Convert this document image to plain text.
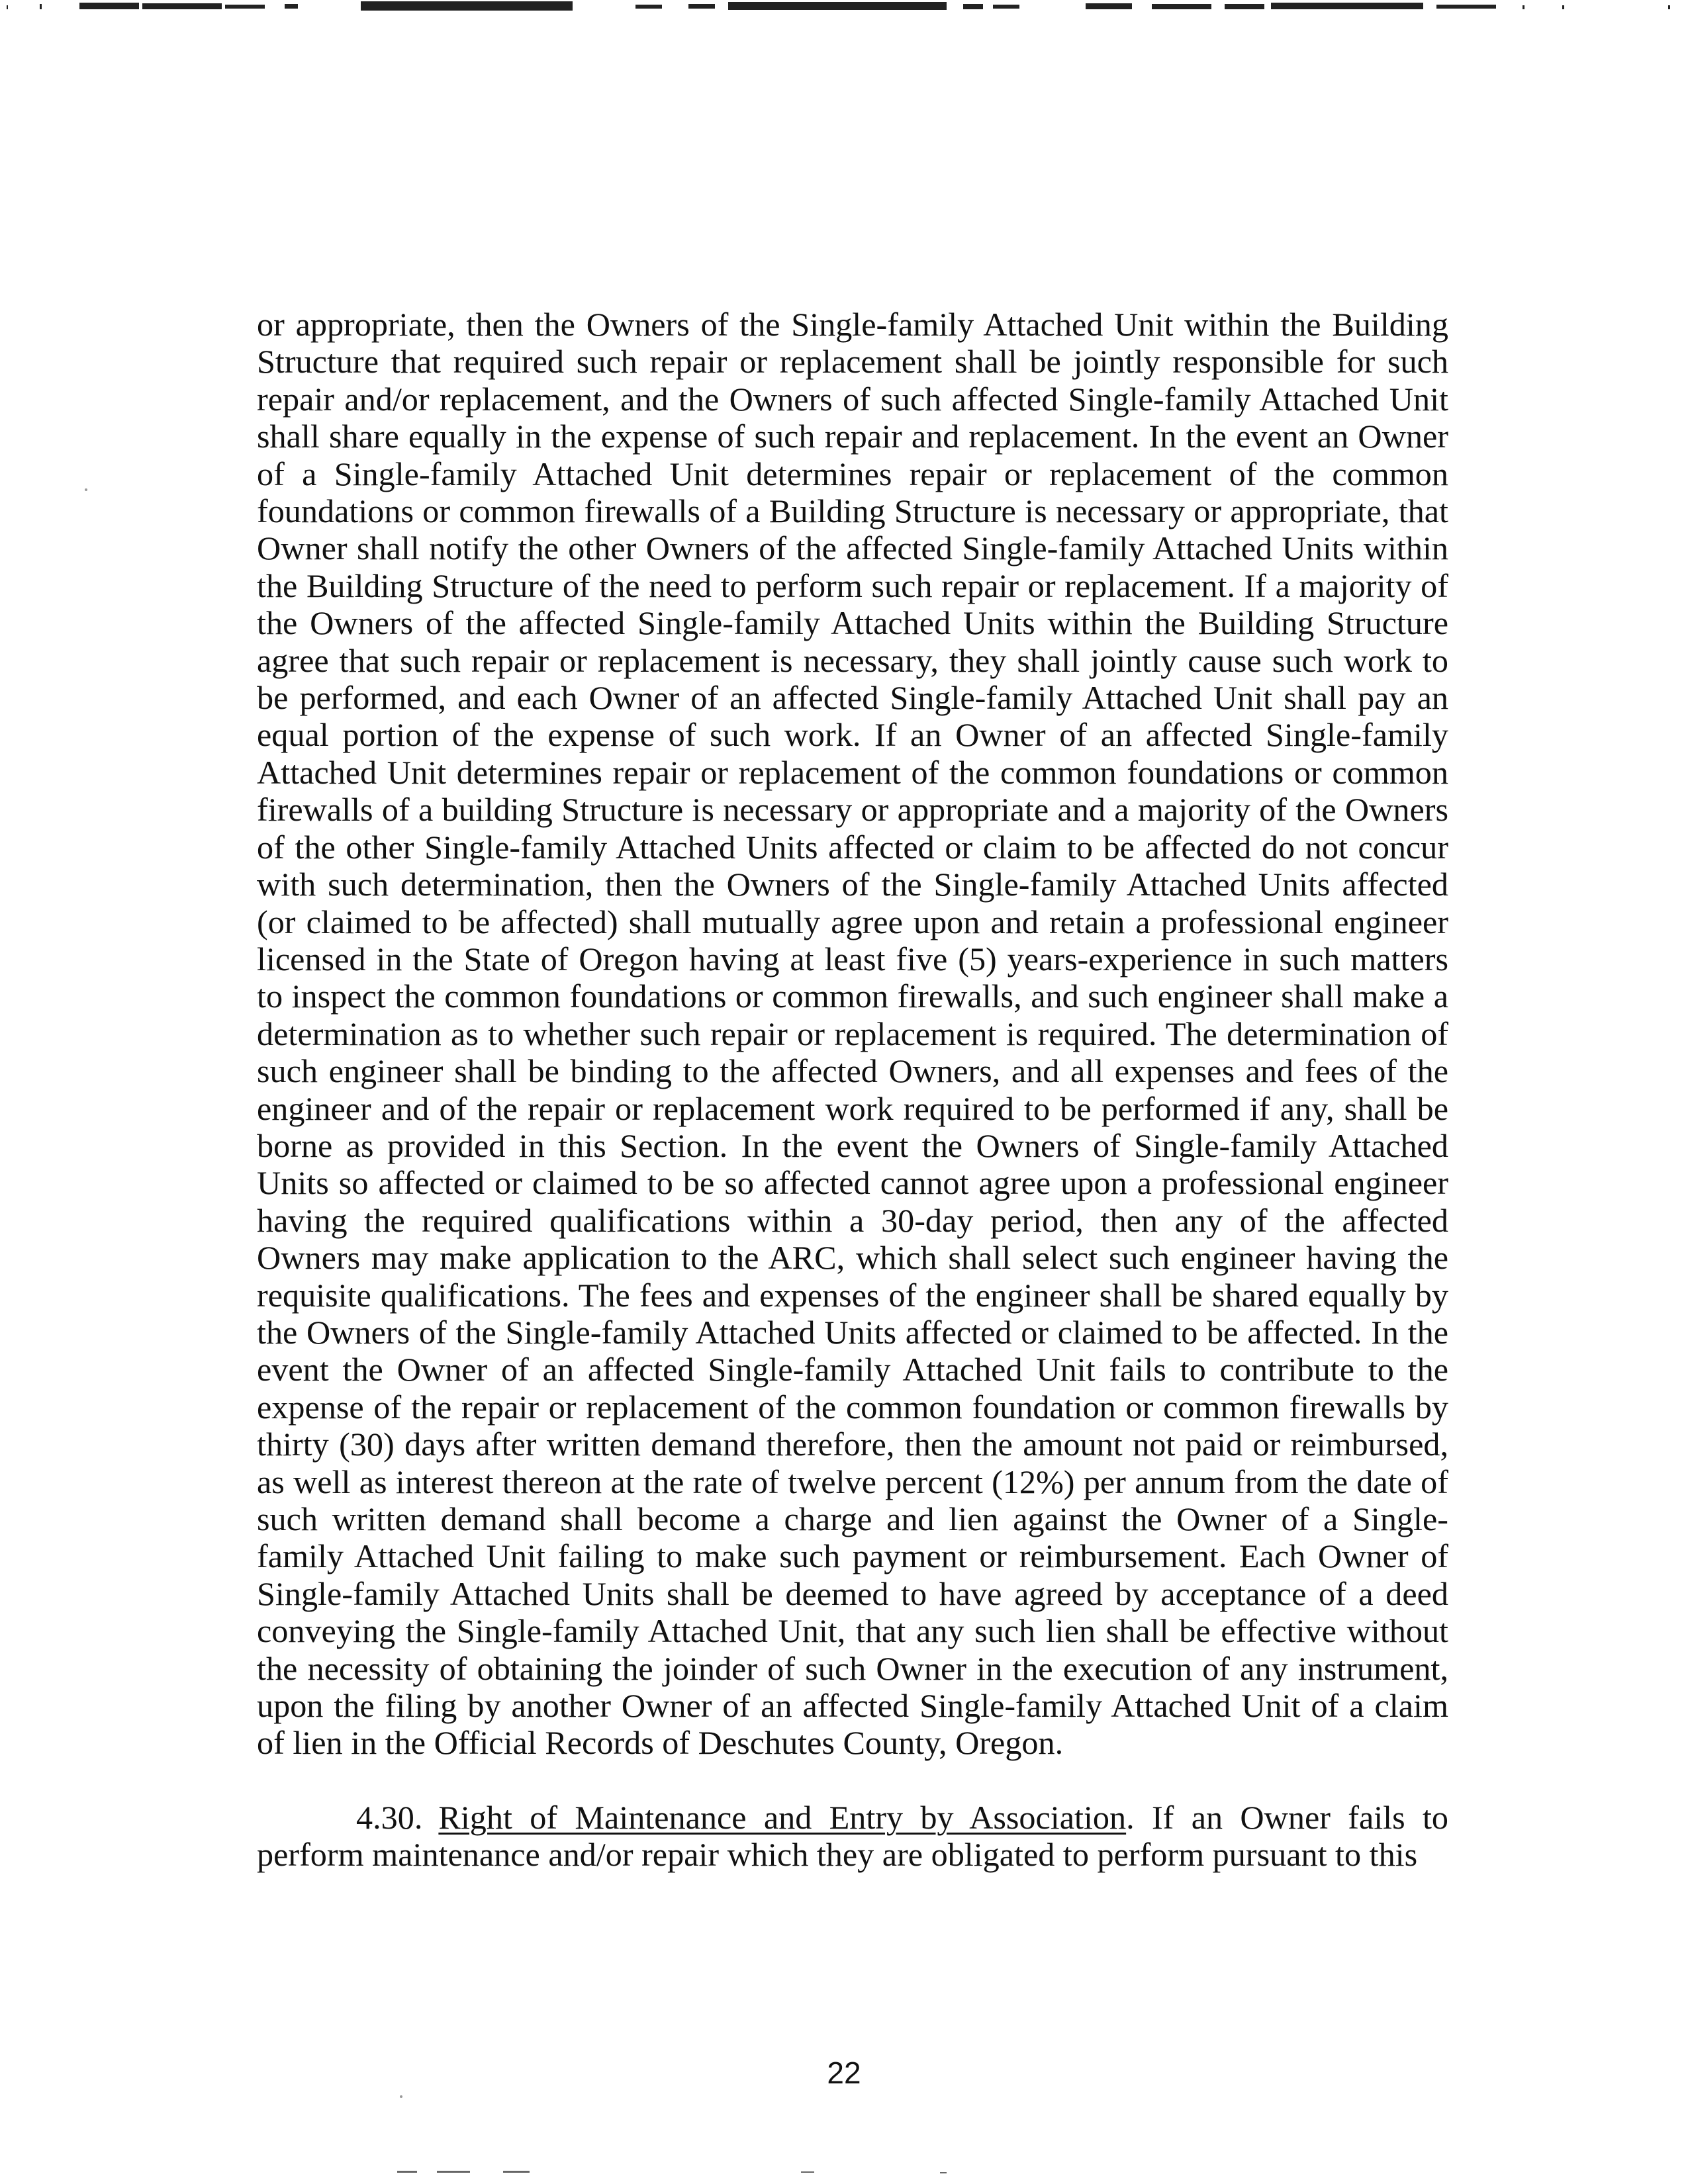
or appropriate, then the Owners of the Single-family Attached Unit within the Building Structure that required such repair or replacement shall be jointly responsible for such repair and/or replacement, and the Owners of such affected Single-family Attached Unit shall share equally in the expense of such repair and replacement. In the event an Owner of a Single-family Attached Unit determines repair or replacement of the common foundations or common firewalls of a Building Structure is necessary or appropriate, that Owner shall notify the other Owners of the affected Single-family Attached Units within the Building Structure of the need to perform such repair or replacement. If a majority of the Owners of the affected Single-family Attached Units within the Building Structure agree that such repair or replacement is necessary, they shall jointly cause such work to be performed, and each Owner of an affected Single-family Attached Unit shall pay an equal portion of the expense of such work. If an Owner of an affected Single-family Attached Unit determines repair or replacement of the common foundations or common firewalls of a building Structure is necessary or appropriate and a majority of the Owners of the other Single-family Attached Units affected or claim to be affected do not concur with such determination, then the Owners of the Single-family Attached Units affected (or claimed to be affected) shall mutually agree upon and retain a professional engineer licensed in the State of Oregon having at least five (5) years-experience in such matters to inspect the common foundations or common firewalls, and such engineer shall make a determination as to whether such repair or replacement is required. The determination of such engineer shall be binding to the affected Owners, and all expenses and fees of the engineer and of the repair or replacement work required to be performed if any, shall be borne as provided in this Section. In the event the Owners of Single-family Attached Units so affected or claimed to be so affected cannot agree upon a professional engineer having the required qualifications within a 30-day period, then any of the affected Owners may make application to the ARC, which shall select such engineer having the requisite qualifications. The fees and expenses of the engineer shall be shared equally by the Owners of the Single-family Attached Units affected or claimed to be affected. In the event the Owner of an affected Single-family Attached Unit fails to contribute to the expense of the repair or replacement of the common foundation or common firewalls by thirty (30) days after written demand therefore, then the amount not paid or reimbursed, as well as interest thereon at the rate of twelve percent (12%) per annum from the date of such written demand shall become a charge and lien against the Owner of a Single-family Attached Unit failing to make such payment or reimbursement. Each Owner of Single-family Attached Units shall be deemed to have agreed by acceptance of a deed conveying the Single-family Attached Unit, that any such lien shall be effective without the necessity of obtaining the joinder of such Owner in the execution of any instrument, upon the filing by another Owner of an affected Single-family Attached Unit of a claim of lien in the Official Records of Deschutes County, Oregon.

4.30. Right of Maintenance and Entry by Association. If an Owner fails to perform maintenance and/or repair which they are obligated to perform pursuant to this

22
